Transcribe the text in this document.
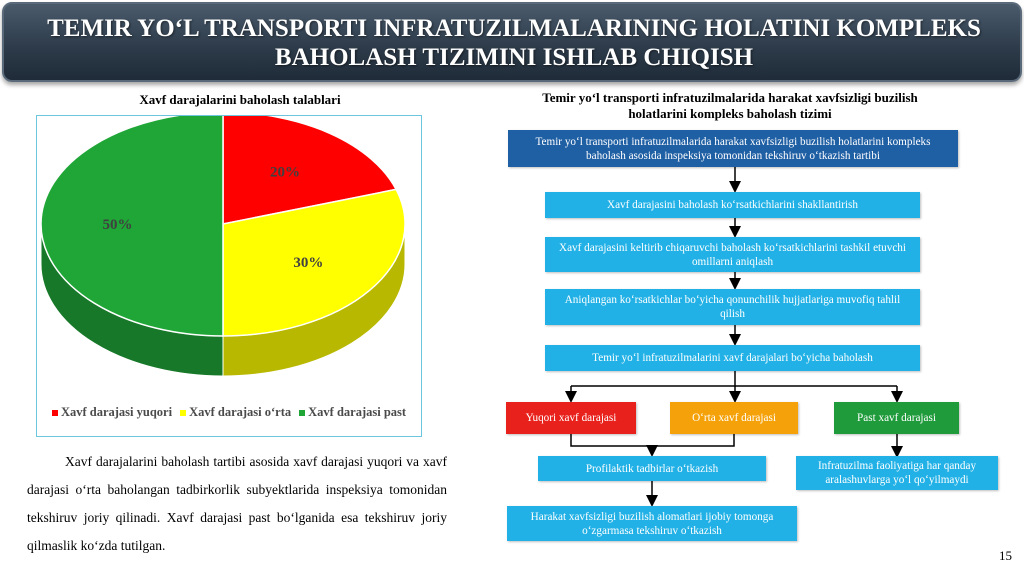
TEMIR YO‘L TRANSPORTI INFRATUZILMALARINING HOLATINI KOMPLEKS
BAHOLASH TIZIMINI ISHLAB CHIQISH
Xavf darajalarini baholash talablari
20%
30%
50%
Xavf darajasi yuqori Xavf darajasi o‘rta Xavf darajasi past

Xavf darajalarini baholash tartibi asosida xavf darajasi yuqori va xavf darajasi o‘rta baholangan tadbirkorlik subyektlarida inspeksiya tomonidan tekshiruv joriy qilinadi. Xavf darajasi past bo‘lganida esa tekshiruv joriy qilmaslik ko‘zda tutilgan.

Temir yo‘l transporti infratuzilmalarida harakat xavfsizligi buzilish
holatlarini kompleks baholash tizimi
Temir yo‘l transporti infratuzilmalarida harakat xavfsizligi buzilish holatlarini kompleks baholash asosida inspeksiya tomonidan tekshiruv o‘tkazish tartibi
Xavf darajasini baholash ko‘rsatkichlarini shakllantirish
Xavf darajasini keltirib chiqaruvchi baholash ko‘rsatkichlarini tashkil etuvchi omillarni aniqlash
Aniqlangan ko‘rsatkichlar bo‘yicha qonunchilik hujjatlariga muvofiq tahlil qilish
Temir yo‘l infratuzilmalarini xavf darajalari bo‘yicha baholash
Yuqori xavf darajasi	O‘rta xavf darajasi	Past xavf darajasi
Profilaktik tadbirlar o‘tkazish	Infratuzilma faoliyatiga har qanday aralashuvlarga yo‘l qo‘yilmaydi
Harakat xavfsizligi buzilish alomatlari ijobiy tomonga o‘zgarmasa tekshiruv o‘tkazish
15
